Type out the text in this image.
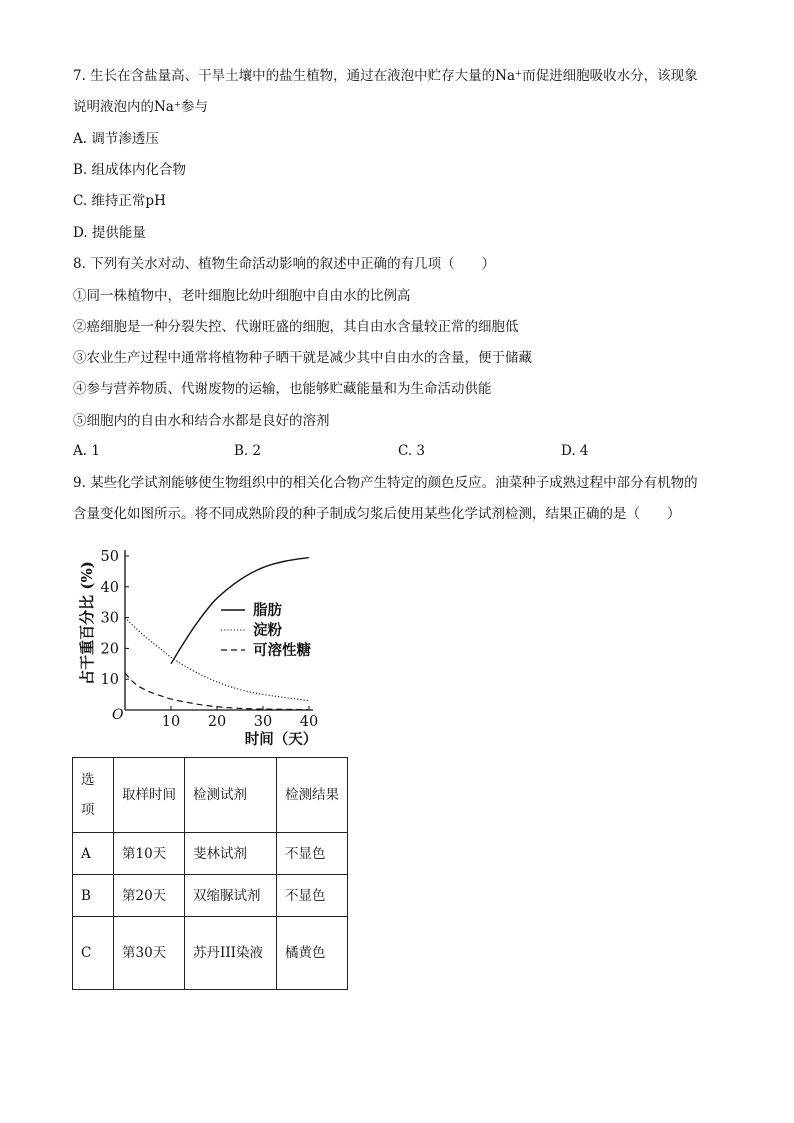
7. 生长在含盐量高、干旱土壤中的盐生植物，通过在液泡中贮存大量的Na⁺而促进细胞吸收水分，该现象
说明液泡内的Na⁺参与
A. 调节渗透压
B. 组成体内化合物
C. 维持正常pH
D. 提供能量
8. 下列有关水对动、植物生命活动影响的叙述中正确的有几项（　　）
①同一株植物中，老叶细胞比幼叶细胞中自由水的比例高
②癌细胞是一种分裂失控、代谢旺盛的细胞，其自由水含量较正常的细胞低
③农业生产过程中通常将植物种子晒干就是减少其中自由水的含量，便于储藏
④参与营养物质、代谢废物的运输，也能够贮藏能量和为生命活动供能
⑤细胞内的自由水和结合水都是良好的溶剂
A. 1	B. 2	C. 3	D. 4
9. 某些化学试剂能够使生物组织中的相关化合物产生特定的颜色反应。油菜种子成熟过程中部分有机物的
含量变化如图所示。将不同成熟阶段的种子制成匀浆后使用某些化学试剂检测，结果正确的是（　　）
占干重百分比 (%)
时间（天）
O
10
20
30
40
50
10 20 30 40
脂肪
淀粉
可溶性糖
选项	取样时间	检测试剂	检测结果
A	第10天	斐林试剂	不显色
B	第20天	双缩脲试剂	不显色
C	第30天	苏丹III染液	橘黄色
